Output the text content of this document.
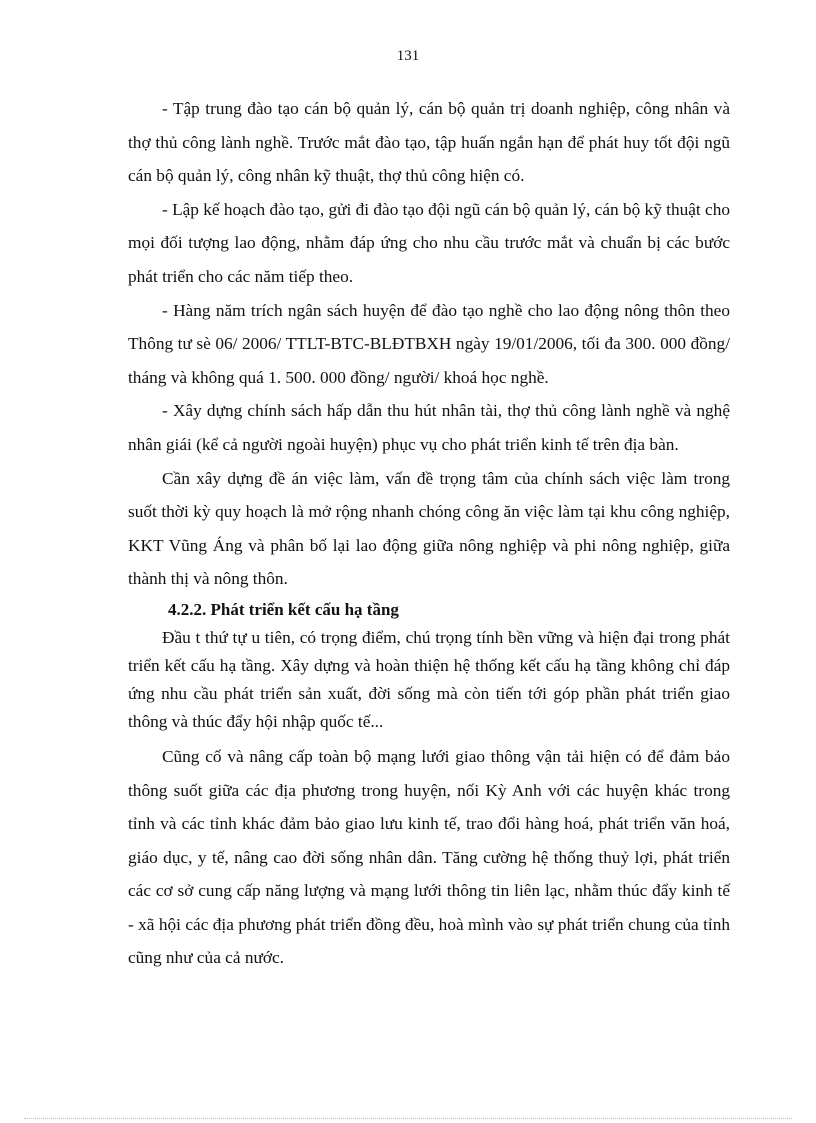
131

- Tập trung đào tạo cán bộ quản lý, cán bộ quản trị doanh nghiệp, công nhân và thợ thủ công lành nghề. Trước mắt đào tạo, tập huấn ngắn hạn để phát huy tốt đội ngũ cán bộ quản lý, công nhân kỹ thuật, thợ thủ công hiện có.

- Lập kế hoạch đào tạo, gửi đi đào tạo đội ngũ cán bộ quản lý, cán bộ kỹ thuật cho mọi đối tượng lao động, nhằm đáp ứng cho nhu cầu trước mắt và chuẩn bị các bước phát triển cho các năm tiếp theo.

- Hàng năm trích ngân sách huyện để đào tạo nghề cho lao động nông thôn theo Thông tư sè 06/ 2006/ TTLT-BTC-BLĐTBXH ngày 19/01/2006, tối đa 300. 000 đồng/ tháng và không quá 1. 500. 000 đồng/ người/ khoá học nghề.

- Xây dựng chính sách hấp dẫn thu hút nhân tài, thợ thủ công lành nghề và nghệ nhân giái (kể cả người ngoài huyện) phục vụ cho phát triển kinh tế trên địa bàn.

Cần xây dựng đề án việc làm, vấn đề trọng tâm của chính sách việc làm trong suốt thời kỳ quy hoạch là mở rộng nhanh chóng công ăn việc làm tại khu công nghiệp, KKT Vũng Áng và phân bố lại lao động giữa nông nghiệp và phi nông nghiệp, giữa thành thị và nông thôn.

4.2.2. Phát triển kết cấu hạ tầng

Đầu t thứ tự u tiên, có trọng điểm, chú trọng tính bền vững và hiện đại trong phát triển kết cấu hạ tầng. Xây dựng và hoàn thiện hệ thống kết cấu hạ tầng không chỉ đáp ứng nhu cầu phát triển sản xuất, đời sống mà còn tiến tới góp phần phát triển giao thông và thúc đẩy hội nhập quốc tế...

Cũng cố và nâng cấp toàn bộ mạng lưới giao thông vận tải hiện có để đảm bảo thông suốt giữa các địa phương trong huyện, nối Kỳ Anh với các huyện khác trong tỉnh và các tỉnh khác đảm bảo giao lưu kinh tế, trao đổi hàng hoá, phát triển văn hoá, giáo dục, y tế, nâng cao đời sống nhân dân. Tăng cường hệ thống thuỷ lợi, phát triển các cơ sở cung cấp năng lượng và mạng lưới thông tin liên lạc, nhằm thúc đẩy kinh tế - xã hội các địa phương phát triển đồng đều, hoà mình vào sự phát triển chung của tỉnh cũng như của cả nước.
